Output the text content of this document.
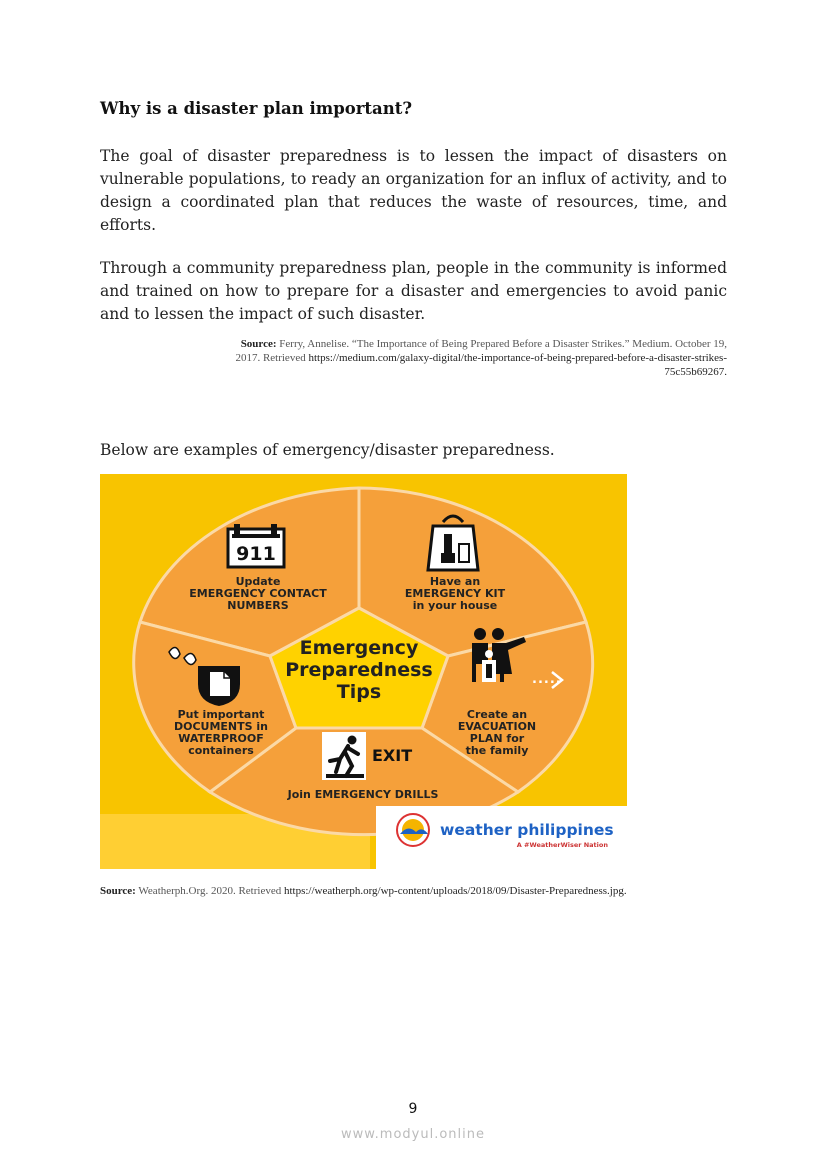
Why is a disaster plan important?

The goal of disaster preparedness is to lessen the impact of disasters on vulnerable populations, to ready an organization for an influx of activity, and to design a coordinated plan that reduces the waste of resources, time, and efforts.

Through a community preparedness plan, people in the community is informed and trained on how to prepare for a disaster and emergencies to avoid panic and to lessen the impact of such disaster.

Source: Ferry, Annelise. “The Importance of Being Prepared Before a Disaster Strikes.” Medium. October 19, 2017. Retrieved https://medium.com/galaxy-digital/the-importance-of-being-prepared-before-a-disaster-strikes-75c55b69267.

Below are examples of emergency/disaster preparedness.

Emergency
Preparedness
Tips
911
Update
EMERGENCY CONTACT
NUMBERS
Have an
EMERGENCY KIT
in your house
.....
Create an
EVACUATION
PLAN for
the family
EXIT
Join EMERGENCY DRILLS
Put important
DOCUMENTS in
WATERPROOF
containers
weather philippines
A #WeatherWiser Nation
Source: Weatherph.Org. 2020. Retrieved https://weatherph.org/wp-content/uploads/2018/09/Disaster-Preparedness.jpg.
9
www.modyul.online
